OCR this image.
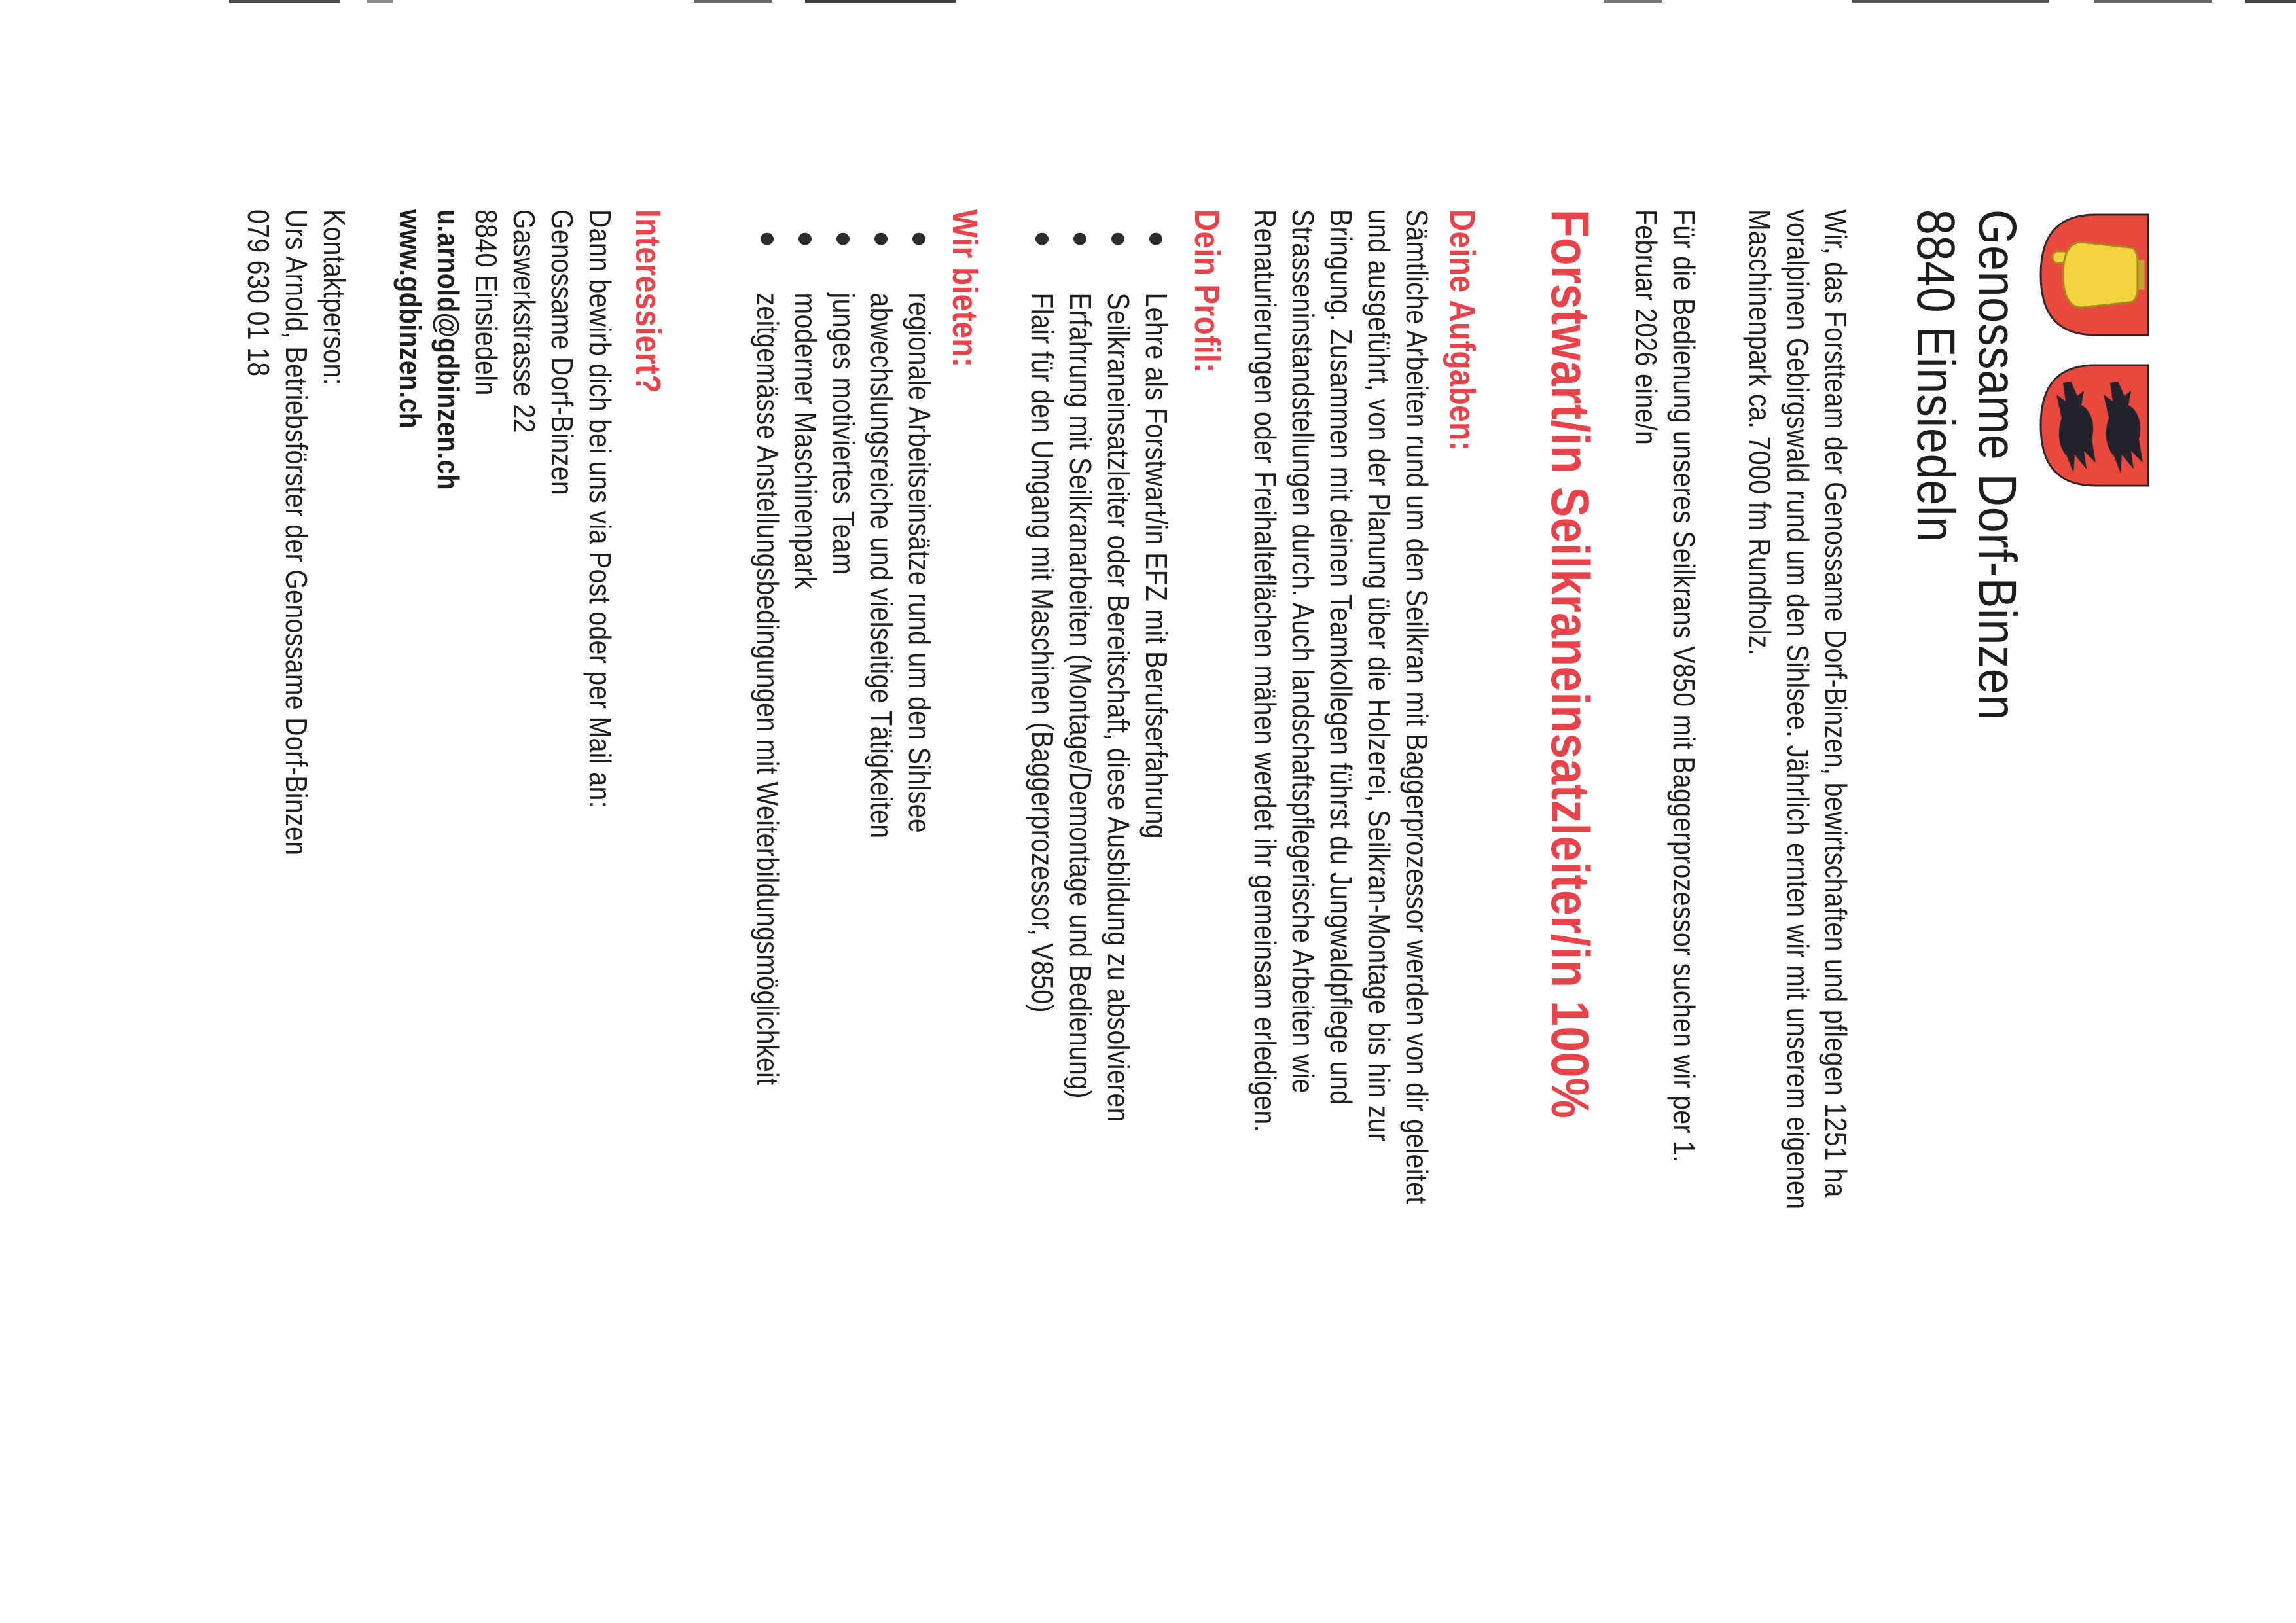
Genossame Dorf-Binzen
8840 Einsiedeln
Wir, das Forstteam der Genossame Dorf-Binzen, bewirtschaften und pflegen 1251 ha
voralpinen Gebirgswald rund um den Sihlsee. Jährlich ernten wir mit unserem eigenen
Maschinenpark ca. 7000 fm Rundholz.
Für die Bedienung unseres Seilkrans V850 mit Baggerprozessor suchen wir per 1.
Februar 2026 eine/n
Forstwart/in Seilkraneinsatzleiter/in 100%
Deine Aufgaben:
Sämtliche Arbeiten rund um den Seilkran mit Baggerprozessor werden von dir geleitet
und ausgeführt, von der Planung über die Holzerei, Seilkran-Montage bis hin zur
Bringung. Zusammen mit deinen Teamkollegen führst du Jungwaldpflege und
Strasseninstandstellungen durch. Auch landschaftspflegerische Arbeiten wie
Renaturierungen oder Freihalteflächen mähen werdet ihr gemeinsam erledigen.
Dein Profil:
Lehre als Forstwart/in EFZ mit Berufserfahrung
Seilkraneinsatzleiter oder Bereitschaft, diese Ausbildung zu absolvieren
Erfahrung mit Seilkranarbeiten (Montage/Demontage und Bedienung)
Flair für den Umgang mit Maschinen (Baggerprozessor, V850)
Wir bieten:
regionale Arbeitseinsätze rund um den Sihlsee
abwechslungsreiche und vielseitige Tätigkeiten
junges motiviertes Team
moderner Maschinenpark
zeitgemässe Anstellungsbedingungen mit Weiterbildungsmöglichkeit
Interessiert?
Dann bewirb dich bei uns via Post oder per Mail an:
Genossame Dorf-Binzen
Gaswerkstrasse 22
8840 Einsiedeln
u.arnold@gdbinzen.ch
www.gdbinzen.ch
Kontaktperson:
Urs Arnold, Betriebsförster der Genossame Dorf-Binzen
079 630 01 18
